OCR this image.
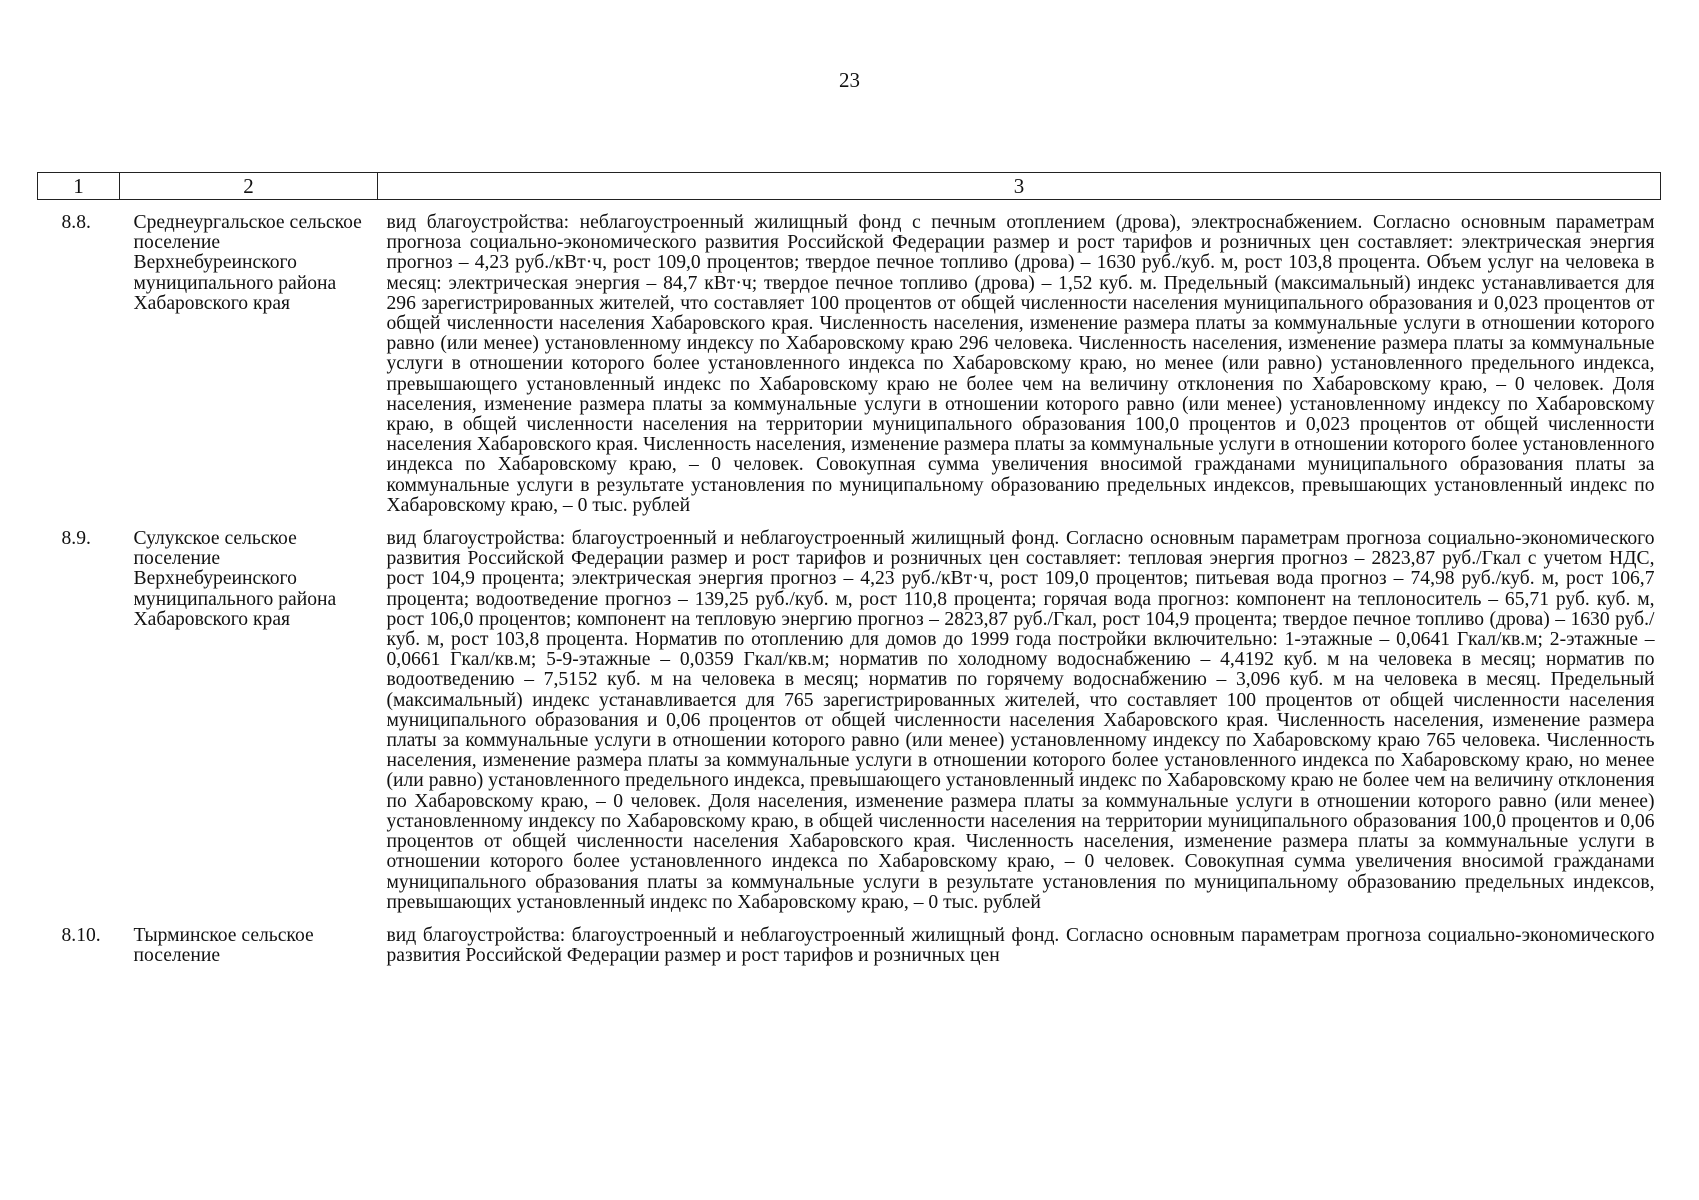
23
1	2	3
8.8.	Среднеургальское сельское поселение Верхнебуреинского муниципального района Хабаровского края	вид благоустройства: неблагоустроенный жилищный фонд с печным отоплением (дрова), электроснабжением. Согласно основным параметрам прогноза социально-экономического развития Российской Федерации размер и рост тарифов и розничных цен составляет: электрическая энергия прогноз – 4,23 руб./кВт·ч, рост 109,0 процентов; твердое печное топливо (дрова) – 1630 руб./куб. м, рост 103,8 процента. Объем услуг на человека в месяц: электрическая энергия – 84,7 кВт·ч; твердое печное топливо (дрова) – 1,52 куб. м. Предельный (максимальный) индекс устанавливается для 296 зарегистрированных жителей, что составляет 100 процентов от общей численности населения муниципального образования и 0,023 процентов от общей численности населения Хабаровского края. Численность населения, изменение размера платы за коммунальные услуги в отношении которого равно (или менее) установленному индексу по Хабаровскому краю 296 человека. Численность населения, изменение размера платы за коммунальные услуги в отношении которого более установленного индекса по Хабаровскому краю, но менее (или равно) установленного предельного индекса, превышающего установленный индекс по Хабаровскому краю не более чем на величину отклонения по Хабаровскому краю, – 0 человек. Доля населения, изменение размера платы за коммунальные услуги в отношении которого равно (или менее) установленному индексу по Хабаровскому краю, в общей численности населения на территории муниципального образования 100,0 процентов и 0,023 процентов от общей численности населения Хабаровского края. Численность населения, изменение размера платы за коммунальные услуги в отношении которого более установленного индекса по Хабаровскому краю, – 0 человек. Совокупная сумма увеличения вносимой гражданами муниципального образования платы за коммунальные услуги в результате установления по муниципальному образованию предельных индексов, превышающих установленный индекс по Хабаровскому краю, – 0 тыс. рублей
8.9.	Сулукское сельское поселение Верхнебуреинского муниципального района Хабаровского края	вид благоустройства: благоустроенный и неблагоустроенный жилищный фонд. Согласно основным параметрам прогноза социально-экономического развития Российской Федерации размер и рост тарифов и розничных цен составляет: тепловая энергия прогноз – 2823,87 руб./Гкал с учетом НДС, рост 104,9 процента; электрическая энергия прогноз – 4,23 руб./кВт·ч, рост 109,0 процентов; питьевая вода прогноз – 74,98 руб./куб. м, рост 106,7 процента; водоотведение прогноз – 139,25 руб./куб. м, рост 110,8 процента; горячая вода прогноз: компонент на теплоноситель – 65,71 руб. куб. м, рост 106,0 процентов; компонент на тепловую энергию прогноз – 2823,87 руб./Гкал, рост 104,9 процента; твердое печное топливо (дрова) – 1630 руб./куб. м, рост 103,8 процента. Норматив по отоплению для домов до 1999 года постройки включительно: 1-этажные – 0,0641 Гкал/кв.м; 2-этажные – 0,0661 Гкал/кв.м; 5-9-этажные – 0,0359 Гкал/кв.м; норматив по холодному водоснабжению – 4,4192 куб. м на человека в месяц; норматив по водоотведению – 7,5152 куб. м на человека в месяц; норматив по горячему водоснабжению – 3,096 куб. м на человека в месяц. Предельный (максимальный) индекс устанавливается для 765 зарегистрированных жителей, что составляет 100 процентов от общей численности населения муниципального образования и 0,06 процентов от общей численности населения Хабаровского края. Численность населения, изменение размера платы за коммунальные услуги в отношении которого равно (или менее) установленному индексу по Хабаровскому краю 765 человека. Численность населения, изменение размера платы за коммунальные услуги в отношении которого более установленного индекса по Хабаровскому краю, но менее (или равно) установленного предельного индекса, превышающего установленный индекс по Хабаровскому краю не более чем на величину отклонения по Хабаровскому краю, – 0 человек. Доля населения, изменение размера платы за коммунальные услуги в отношении которого равно (или менее) установленному индексу по Хабаровскому краю, в общей численности населения на территории муниципального образования 100,0 процентов и 0,06 процентов от общей численности населения Хабаровского края. Численность населения, изменение размера платы за коммунальные услуги в отношении которого более установленного индекса по Хабаровскому краю, – 0 человек. Совокупная сумма увеличения вносимой гражданами муниципального образования платы за коммунальные услуги в результате установления по муниципальному образованию предельных индексов, превышающих установленный индекс по Хабаровскому краю, – 0 тыс. рублей
8.10.	Тырминское сельское поселение	вид благоустройства: благоустроенный и неблагоустроенный жилищный фонд. Согласно основным параметрам прогноза социально-экономического развития Российской Федерации размер и рост тарифов и розничных цен
